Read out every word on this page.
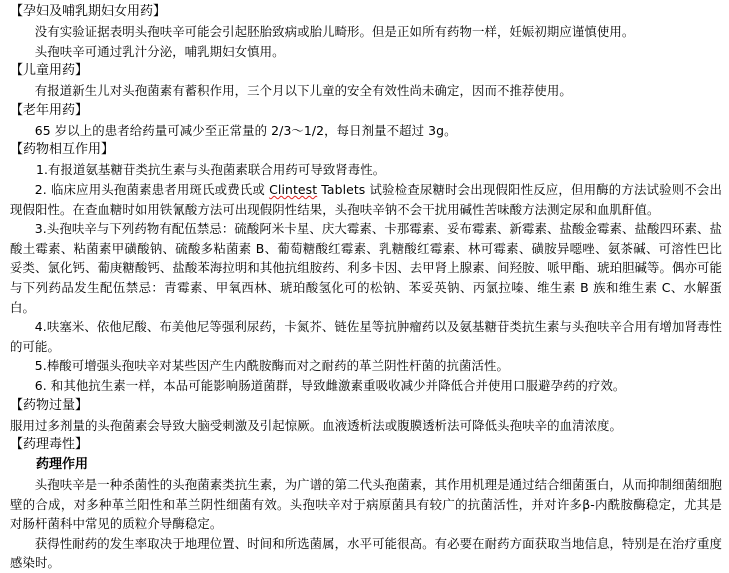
【孕妇及哺乳期妇女用药】
没有实验证据表明头孢呋辛可能会引起胚胎致病或胎儿畸形。但是正如所有药物一样，妊娠初期应谨慎使用。
头孢呋辛可通过乳汁分泌，哺乳期妇女慎用。
【儿童用药】
有报道新生儿对头孢菌素有蓄积作用，三个月以下儿童的安全有效性尚未确定，因而不推荐使用。
【老年用药】
65 岁以上的患者给药量可减少至正常量的 2/3～1/2，每日剂量不超过 3g。
【药物相互作用】
1.有报道氨基糖苷类抗生素与头孢菌素联合用药可导致肾毒性。
2. 临床应用头孢菌素患者用斑氏或费氏或 Clintest Tablets 试验检查尿糖时会出现假阳性反应，但用酶的方法试验则不会出现假阳性。在查血糖时如用铁氰酸方法可出现假阴性结果，头孢呋辛钠不会干扰用碱性苦味酸方法测定尿和血肌酐值。
3.头孢呋辛与下列药物有配伍禁忌：硫酸阿米卡星、庆大霉素、卡那霉素、妥布霉素、新霉素、盐酸金霉素、盐酸四环素、盐酸土霉素、粘菌素甲磺酸钠、硫酸多粘菌素 B、葡萄糖酸红霉素、乳糖酸红霉素、林可霉素、磺胺异噁唑、氨茶碱、可溶性巴比妥类、氯化钙、葡庚糖酸钙、盐酸苯海拉明和其他抗组胺药、利多卡因、去甲肾上腺素、间羟胺、哌甲酯、琥珀胆碱等。偶亦可能与下列药品发生配伍禁忌：青霉素、甲氧西林、琥珀酸氢化可的松钠、苯妥英钠、丙氯拉嗪、维生素 B 族和维生素 C、水解蛋白。
4.呋塞米、依他尼酸、布美他尼等强利尿药，卡氮芥、链佐星等抗肿瘤药以及氨基糖苷类抗生素与头孢呋辛合用有增加肾毒性的可能。
5.棒酸可增强头孢呋辛对某些因产生内酰胺酶而对之耐药的革兰阴性杆菌的抗菌活性。
6. 和其他抗生素一样，本品可能影响肠道菌群，导致雌激素重吸收减少并降低合并使用口服避孕药的疗效。
【药物过量】
服用过多剂量的头孢菌素会导致大脑受刺激及引起惊厥。血液透析法或腹膜透析法可降低头孢呋辛的血清浓度。
【药理毒性】
药理作用
头孢呋辛是一种杀菌性的头孢菌素类抗生素，为广谱的第二代头孢菌素，其作用机理是通过结合细菌蛋白，从而抑制细菌细胞壁的合成，对多种革兰阳性和革兰阴性细菌有效。头孢呋辛对于病原菌具有较广的抗菌活性，并对许多β-内酰胺酶稳定，尤其是对肠杆菌科中常见的质粒介导酶稳定。
获得性耐药的发生率取决于地理位置、时间和所选菌属，水平可能很高。有必要在耐药方面获取当地信息，特别是在治疗重度感染时。
